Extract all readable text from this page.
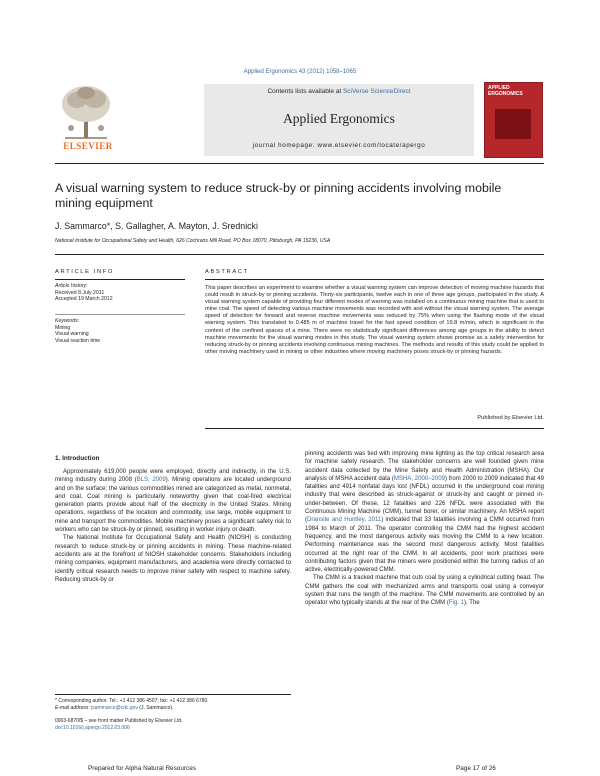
Applied Ergonomics 43 (2012) 1058–1065
ELSEVIER
Contents lists available at SciVerse ScienceDirect
Applied Ergonomics
journal homepage: www.elsevier.com/locate/apergo
APPLIED ERGONOMICS
A visual warning system to reduce struck-by or pinning accidents involving mobile mining equipment
J. Sammarco*, S. Gallagher, A. Mayton, J. Srednicki
National Institute for Occupational Safety and Health, 626 Cochrans Mill Road, PO Box 18070, Pittsburgh, PA 15236, USA
ARTICLE INFO	ABSTRACT
Article history:
Received 8 July 2011
Accepted 19 March 2012
Keywords:
Mining
Visual warning
Visual reaction time
This paper describes an experiment to examine whether a visual warning system can improve detection of moving machine hazards that could result in struck-by or pinning accidents. Thirty-six participants, twelve each in one of three age groups, participated in the study. A visual warning system capable of providing four different modes of warning was installed on a continuous mining machine that is used to mine coal. The speed of detecting various machine movements was recorded with and without the visual warning system. The average speed of detection for forward and reverse machine movements was reduced by 75% when using the flashing mode of the visual warning system. This translated to 0.485 m of machine travel for the fast speed condition of 19.8 m/min, which is significant in the context of the confined spaces of a mine. There were no statistically significant differences among age groups in the ability to detect machine movements for the visual warning modes in this study. The visual warning system shows promise as a safety intervention for reducing struck-by or pinning accidents involving continuous mining machines. The methods and results of this study could be applied to other moving machinery used in mining or other industries where moving machinery poses struck-by or pinning hazards.
Published by Elsevier Ltd.
1. Introduction

Approximately 619,000 people were employed, directly and indirectly, in the U.S. mining industry during 2008 (BLS, 2009). Mining operations are located underground and on the surface; the various commodities mined are categorized as metal, nonmetal, and coal. Coal mining is particularly noteworthy given that coal-fired electrical generation plants provide about half of the electricity in the United States. Mining operations, regardless of the location and commodity, use large, mobile equipment to mine and transport the commodities. Mobile machinery poses a significant safety risk to workers who can be struck-by or pinned, resulting in worker injury or death.

The National Institute for Occupational Safety and Health (NIOSH) is conducting research to reduce struck-by or pinning accidents in mining. These machine-related accidents are at the forefront of NIOSH stakeholder concerns. Stakeholders including mining companies, equipment manufacturers, and academia were directly contacted to identify critical research needs to improve miner safety with respect to machine safety. Reducing struck-by or

pinning accidents was tied with improving mine lighting as the top critical research area for machine safety research. The stakeholder concerns are well founded given mine accident data collected by the Mine Safety and Health Administration (MSHA). Our analysis of MSHA accident data (MSHA, 2000–2009) from 2000 to 2009 indicated that 49 fatalities and 4914 nonfatal days lost (NFDL) occurred in the underground coal mining industry that were described as struck-against or struck-by and caught or pinned in-under-between. Of these, 12 fatalities and 226 NFDL were associated with the Continuous Mining Machine (CMM), tunnel borer, or similar machinery. An MSHA report (Dransite and Huntley, 2011) indicated that 33 fatalities involving a CMM occurred from 1984 to March of 2011. The operator controlling the CMM had the highest accident frequency, and the most dangerous activity was moving the CMM to a new location. Performing maintenance was the second most dangerous activity. Most fatalities occurred at the right rear of the CMM. In all accidents, poor work practices were contributing factors given that the miners were positioned within the turning radius of an active, electrically-powered CMM.

The CMM is a tracked machine that cuts coal by using a cylindrical cutting head. The CMM gathers the coal with mechanized arms and transports coal using a conveyor system that runs the length of the machine. The CMM movements are controlled by an operator who typically stands at the rear of the CMM (Fig. 1). The

* Corresponding author. Tel.: +1 412 386 4507; fax: +1 412 386 6780.
E-mail address: jsammarco@cdc.gov (J. Sammarco).
0003-6870/$ – see front matter Published by Elsevier Ltd.
doi:10.1016/j.apergo.2012.03.006
Prepared for Alpha Natural Resources	Page 17 of 26
